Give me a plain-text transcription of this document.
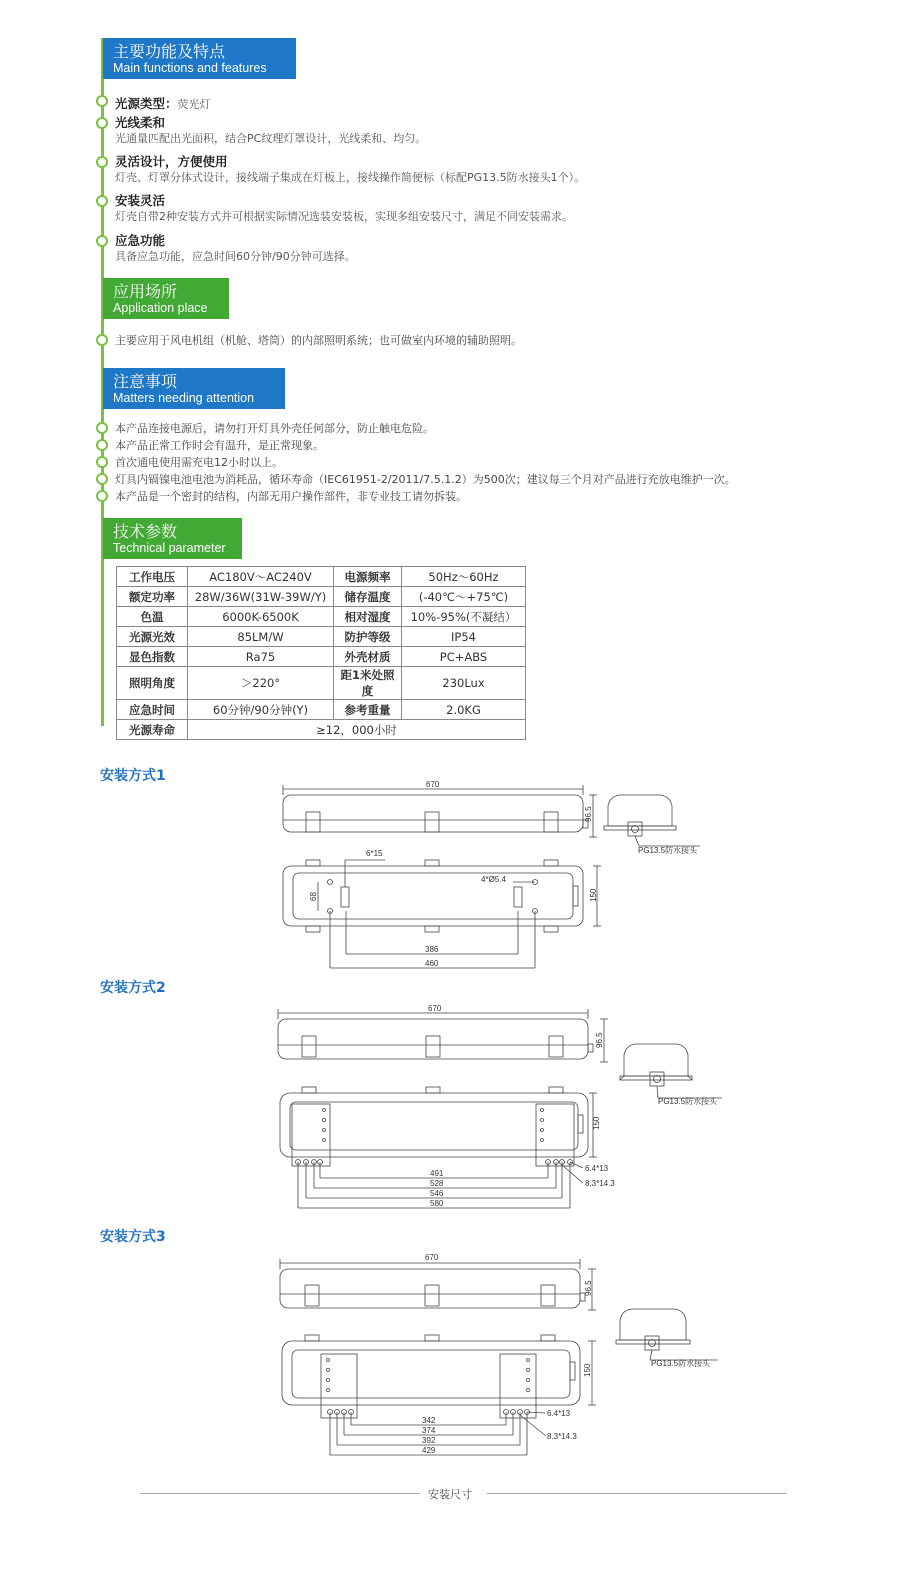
主要功能及特点
Main functions and features
光源类型：荧光灯
光线柔和
光通量匹配出光面积，结合PC纹理灯罩设计，光线柔和、均匀。
灵活设计，方便使用
灯壳、灯罩分体式设计，接线端子集成在灯板上，接线操作简便标（标配PG13.5防水接头1个）。
安装灵活
灯壳自带2种安装方式并可根据实际情况选装安装板，实现多组安装尺寸，满足不同安装需求。
应急功能
具备应急功能，应急时间60分钟/90分钟可选择。
应用场所
Application place
主要应用于风电机组（机舱、塔筒）的内部照明系统；也可做室内环境的辅助照明。
注意事项
Matters needing attention
本产品连接电源后，请勿打开灯具外壳任何部分，防止触电危险。
本产品正常工作时会有温升，是正常现象。
首次通电使用需充电12小时以上。
灯具内镉镍电池电池为消耗品，循环寿命（IEC61951-2/2011/7.5.1.2）为500次；建议每三个月对产品进行充放电维护一次。
本产品是一个密封的结构，内部无用户操作部件，非专业技工请勿拆装。
技术参数
Technical parameter
工作电压	AC180V～AC240V	电源频率	50Hz～60Hz
额定功率	28W/36W(31W-39W/Y)	储存温度	(-40℃～+75℃)
色温	6000K-6500K	相对湿度	10%-95%(不凝结）
光源光效	85LM/W	防护等级	IP54
显色指数	Ra75	外壳材质	PC+ABS
照明角度	＞220°	距1米处照度	230Lux
应急时间	60分钟/90分钟(Y)	参考重量	2.0KG
光源寿命	≥12，000小时		
安装方式1
安装方式2
安装方式3
670
96.5
PG13.5防水接头
6*15
4*Ø5.4
68	150
386
460
670
96.5
PG13.5防水接头
150
491
528
546
580
6.4*13
8.3*14.3
670
96.5
PG13.5防水接头
150
342
374
392
429
6.4*13
8.3*14.3
安装尺寸
